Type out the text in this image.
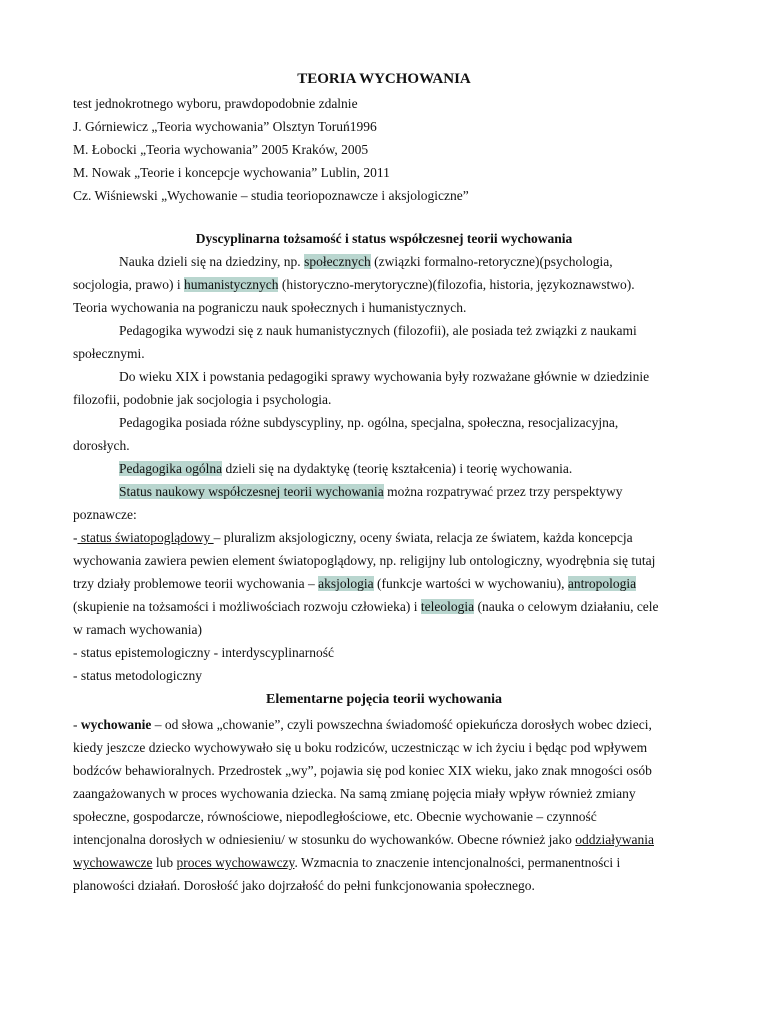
TEORIA WYCHOWANIA
test jednokrotnego wyboru, prawdopodobnie zdalnie
J. Górniewicz „Teoria wychowania” Olsztyn Toruń1996
M. Łobocki „Teoria wychowania” 2005 Kraków, 2005
M. Nowak „Teorie i koncepcje wychowania” Lublin, 2011
Cz. Wiśniewski „Wychowanie – studia teoriopoznawcze i aksjologiczne”
Dyscyplinarna tożsamość i status współczesnej teorii wychowania
Nauka dzieli się na dziedziny, np. społecznych (związki formalno-retoryczne)(psychologia,
socjologia, prawo) i humanistycznych (historyczno-merytoryczne)(filozofia, historia, językoznawstwo).
Teoria wychowania na pograniczu nauk społecznych i humanistycznych.
Pedagogika wywodzi się z nauk humanistycznych (filozofii), ale posiada też związki z naukami
społecznymi.
Do wieku XIX i powstania pedagogiki sprawy wychowania były rozważane głównie w dziedzinie
filozofii, podobnie jak socjologia i psychologia.
Pedagogika posiada różne subdyscypliny, np. ogólna, specjalna, społeczna, resocjalizacyjna,
dorosłych.
Pedagogika ogólna dzieli się na dydaktykę (teorię kształcenia) i teorię wychowania.
Status naukowy współczesnej teorii wychowania można rozpatrywać przez trzy perspektywy
poznawcze:
- status światopoglądowy – pluralizm aksjologiczny, oceny świata, relacja ze światem, każda koncepcja
wychowania zawiera pewien element światopoglądowy, np. religijny lub ontologiczny, wyodrębnia się tutaj
trzy działy problemowe teorii wychowania – aksjologia (funkcje wartości w wychowaniu), antropologia
(skupienie na tożsamości i możliwościach rozwoju człowieka) i teleologia (nauka o celowym działaniu, cele
w ramach wychowania)
- status epistemologiczny - interdyscyplinarność
- status metodologiczny
Elementarne pojęcia teorii wychowania
- wychowanie – od słowa „chowanie”, czyli powszechna świadomość opiekuńcza dorosłych wobec dzieci,
kiedy jeszcze dziecko wychowywało się u boku rodziców, uczestnicząc w ich życiu i będąc pod wpływem
bodźców behawioralnych. Przedrostek „wy”, pojawia się pod koniec XIX wieku, jako znak mnogości osób
zaangażowanych w proces wychowania dziecka. Na samą zmianę pojęcia miały wpływ również zmiany
społeczne, gospodarcze, równościowe, niepodległościowe, etc. Obecnie wychowanie – czynność
intencjonalna dorosłych w odniesieniu/ w stosunku do wychowanków. Obecne również jako oddziaływania
wychowawcze lub proces wychowawczy. Wzmacnia to znaczenie intencjonalności, permanentności i
planowości działań. Dorosłość jako dojrzałość do pełni funkcjonowania społecznego.
